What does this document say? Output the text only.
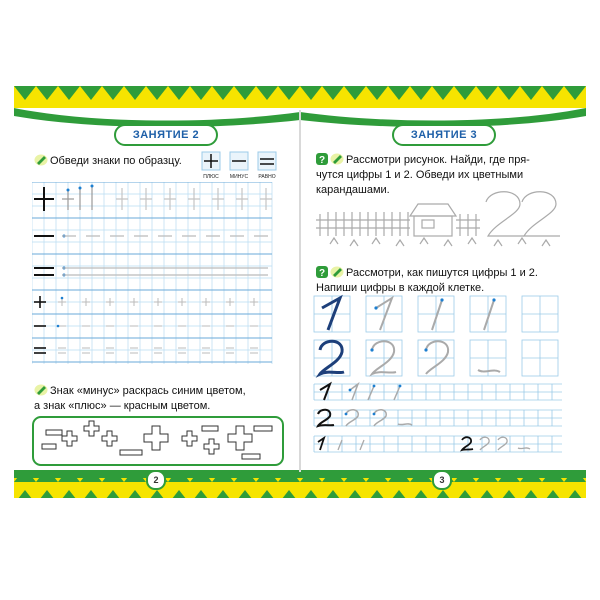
ЗАНЯТИЕ 2
Обведи знаки по образцу.
ПЛЮС	МИНУС	РАВНО
Знак «минус» раскрась синим цветом,
а знак «плюс» — красным цветом.
2
ЗАНЯТИЕ 3
? Рассмотри рисунок. Найди, где пря-
чутся цифры 1 и 2. Обведи их цветными
карандашами.
? Рассмотри, как пишутся цифры 1 и 2.
Напиши цифры в каждой клетке.
3
